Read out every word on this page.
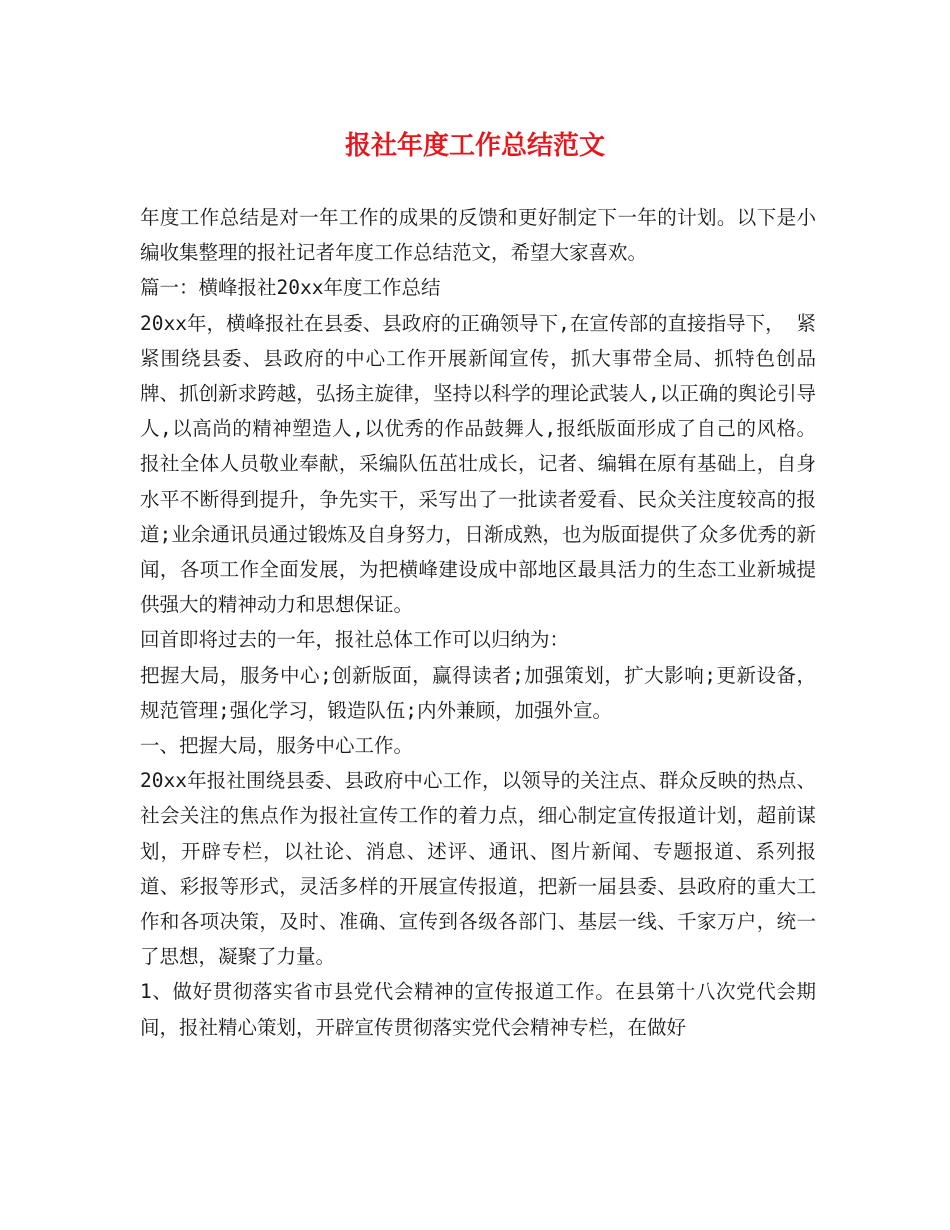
报社年度工作总结范文

年度工作总结是对一年工作的成果的反馈和更好制定下一年的计划。以下是小编收集整理的报社记者年度工作总结范文，希望大家喜欢。

篇一：横峰报社20xx年度工作总结

20xx年，横峰报社在县委、县政府的正确领导下,在宣传部的直接指导下， 紧紧围绕县委、县政府的中心工作开展新闻宣传，抓大事带全局、抓特色创品牌、抓创新求跨越，弘扬主旋律，坚持以科学的理论武装人,以正确的舆论引导人,以高尚的精神塑造人,以优秀的作品鼓舞人,报纸版面形成了自己的风格。报社全体人员敬业奉献，采编队伍茁壮成长，记者、编辑在原有基础上，自身水平不断得到提升，争先实干，采写出了一批读者爱看、民众关注度较高的报道;业余通讯员通过锻炼及自身努力，日渐成熟，也为版面提供了众多优秀的新闻，各项工作全面发展，为把横峰建设成中部地区最具活力的生态工业新城提供强大的精神动力和思想保证。

回首即将过去的一年，报社总体工作可以归纳为：

把握大局，服务中心;创新版面，赢得读者;加强策划，扩大影响;更新设备，规范管理;强化学习，锻造队伍;内外兼顾，加强外宣。

一、把握大局，服务中心工作。

20xx年报社围绕县委、县政府中心工作，以领导的关注点、群众反映的热点、社会关注的焦点作为报社宣传工作的着力点，细心制定宣传报道计划，超前谋划，开辟专栏，以社论、消息、述评、通讯、图片新闻、专题报道、系列报道、彩报等形式，灵活多样的开展宣传报道，把新一届县委、县政府的重大工作和各项决策，及时、准确、宣传到各级各部门、基层一线、千家万户，统一了思想，凝聚了力量。

1、做好贯彻落实省市县党代会精神的宣传报道工作。在县第十八次党代会期间，报社精心策划，开辟宣传贯彻落实党代会精神专栏，在做好
